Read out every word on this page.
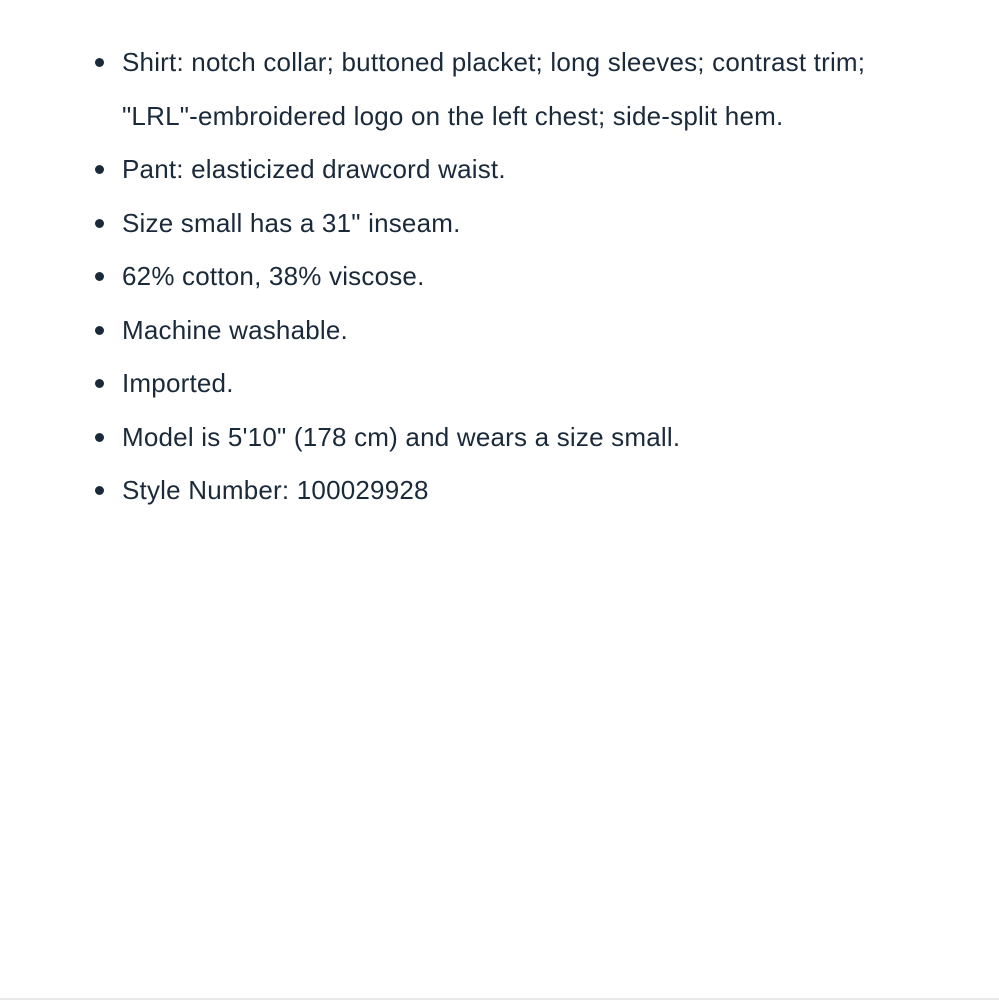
Shirt: notch collar; buttoned placket; long sleeves; contrast trim; "LRL"-embroidered logo on the left chest; side-split hem.
Pant: elasticized drawcord waist.
Size small has a 31" inseam.
62% cotton, 38% viscose.
Machine washable.
Imported.
Model is 5'10" (178 cm) and wears a size small.
Style Number: 100029928
